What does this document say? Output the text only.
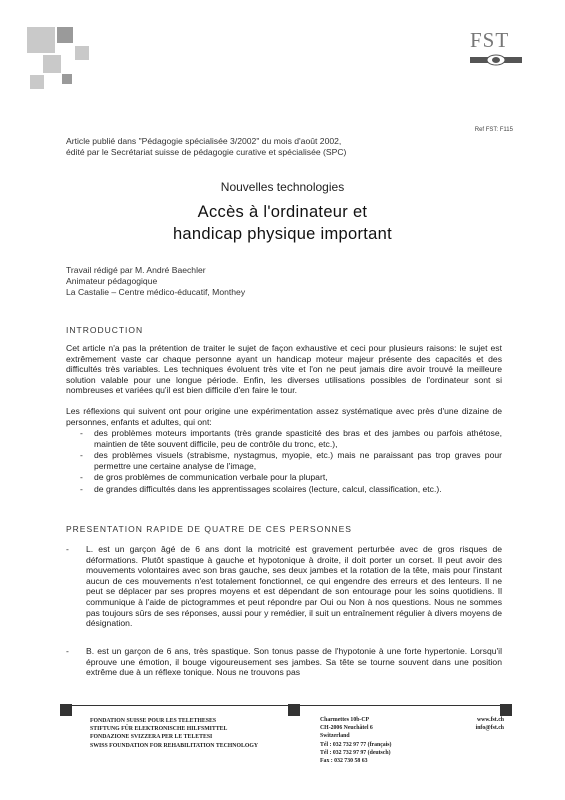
FST
Ref FST: F115
Article publié dans "Pédagogie spécialisée 3/2002" du mois d'août 2002,
édité par le Secrétariat suisse de pédagogie curative et spécialisée (SPC)
Nouvelles technologies
Accès à l'ordinateur et
handicap physique important
Travail rédigé par M. André Baechler
Animateur pédagogique
La Castalie – Centre médico-éducatif, Monthey
INTRODUCTION
Cet article n'a pas la prétention de traiter le sujet de façon exhaustive et ceci pour plusieurs raisons: le sujet est extrêmement vaste car chaque personne ayant un handicap moteur majeur présente des capacités et des difficultés très variables. Les techniques évoluent très vite et l'on ne peut jamais dire avoir trouvé la meilleure solution valable pour une longue période. Enfin, les diverses utilisations possibles de l'ordinateur sont si nombreuses et variées qu'il est bien difficile d'en faire le tour.
Les réflexions qui suivent ont pour origine une expérimentation assez systématique avec près d'une dizaine de personnes, enfants et adultes, qui ont:
- des problèmes moteurs importants (très grande spasticité des bras et des jambes ou parfois athétose, maintien de tête souvent difficile, peu de contrôle du tronc, etc.),
- des problèmes visuels (strabisme, nystagmus, myopie, etc.) mais ne paraissant pas trop graves pour permettre une certaine analyse de l'image,
- de gros problèmes de communication verbale pour la plupart,
- de grandes difficultés dans les apprentissages scolaires (lecture, calcul, classification, etc.).
PRESENTATION RAPIDE DE QUATRE DE CES PERSONNES
- L. est un garçon âgé de 6 ans dont la motricité est gravement perturbée avec de gros risques de déformations. Plutôt spastique à gauche et hypotonique à droite, il doit porter un corset. Il peut avoir des mouvements volontaires avec son bras gauche, ses deux jambes et la rotation de la tête, mais pour l'instant aucun de ces mouvements n'est totalement fonctionnel, ce qui engendre des erreurs et des lenteurs. Il ne peut se déplacer par ses propres moyens et est dépendant de son entourage pour les soins quotidiens. Il communique à l'aide de pictogrammes et peut répondre par Oui ou Non à nos questions. Nous ne sommes pas toujours sûrs de ses réponses, aussi pour y remédier, il suit un entraînement régulier à divers moyens de désignation.
- B. est un garçon de 6 ans, très spastique. Son tonus passe de l'hypotonie à une forte hypertonie. Lorsqu'il éprouve une émotion, il bouge vigoureusement ses jambes. Sa tête se tourne souvent dans une position extrême due à un réflexe tonique. Nous ne trouvons pas
FONDATION SUISSE POUR LES TELETHESES
STIFTUNG FÜR ELEKTRONISCHE HILFSMITTEL
FONDAZIONE SVIZZERA PER LE TELETESI
SWISS FOUNDATION FOR REHABILITATION TECHNOLOGY
Charmettes 10b-CP
CH-2006 Neuchâtel 6
Switzerland
Tél : 032 732 97 77 (français)
Tél : 032 732 97 97 (deutsch)
Fax : 032 730 58 63
www.fst.ch
info@fst.ch
